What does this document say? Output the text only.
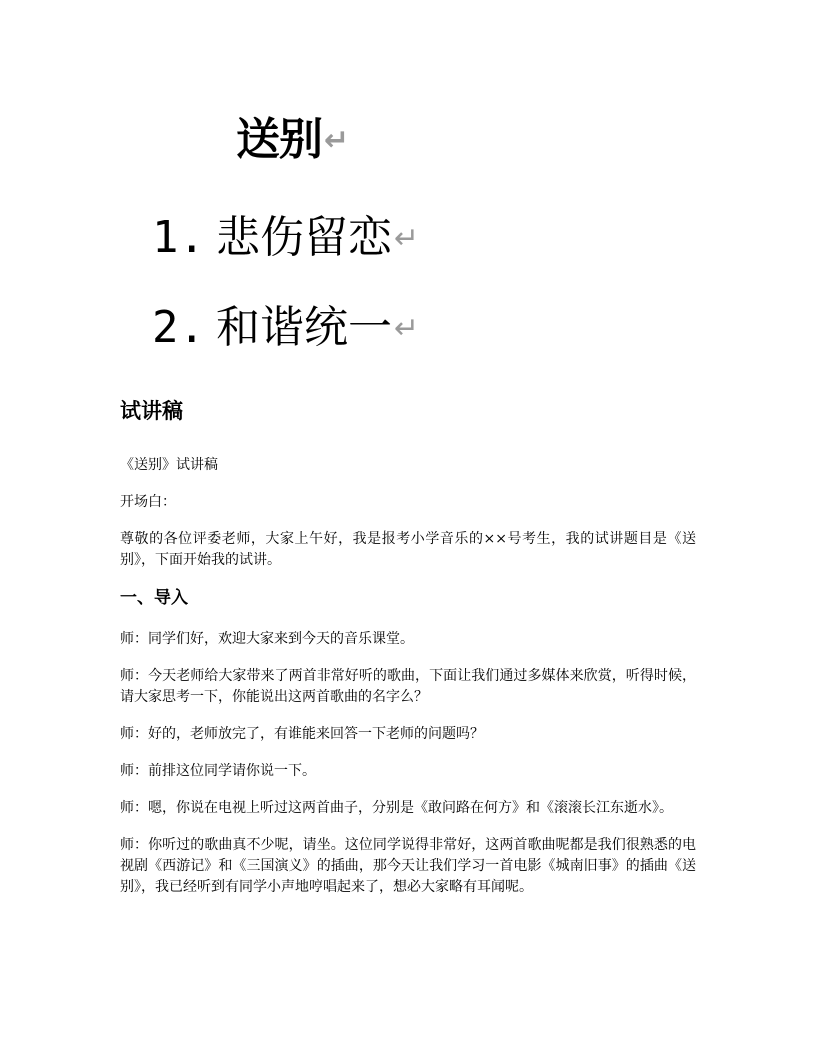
送别↵
1. 悲伤留恋↵
2. 和谐统一↵
试讲稿

《送别》试讲稿

开场白：

尊敬的各位评委老师，大家上午好，我是报考小学音乐的××号考生，我的试讲题目是《送别》，下面开始我的试讲。

一、导入

师：同学们好，欢迎大家来到今天的音乐课堂。

师：今天老师给大家带来了两首非常好听的歌曲，下面让我们通过多媒体来欣赏，听得时候，请大家思考一下，你能说出这两首歌曲的名字么？

师：好的，老师放完了，有谁能来回答一下老师的问题吗？

师：前排这位同学请你说一下。

师：嗯，你说在电视上听过这两首曲子，分别是《敢问路在何方》和《滚滚长江东逝水》。

师：你听过的歌曲真不少呢，请坐。这位同学说得非常好，这两首歌曲呢都是我们很熟悉的电视剧《西游记》和《三国演义》的插曲，那今天让我们学习一首电影《城南旧事》的插曲《送别》，我已经听到有同学小声地哼唱起来了，想必大家略有耳闻呢。
